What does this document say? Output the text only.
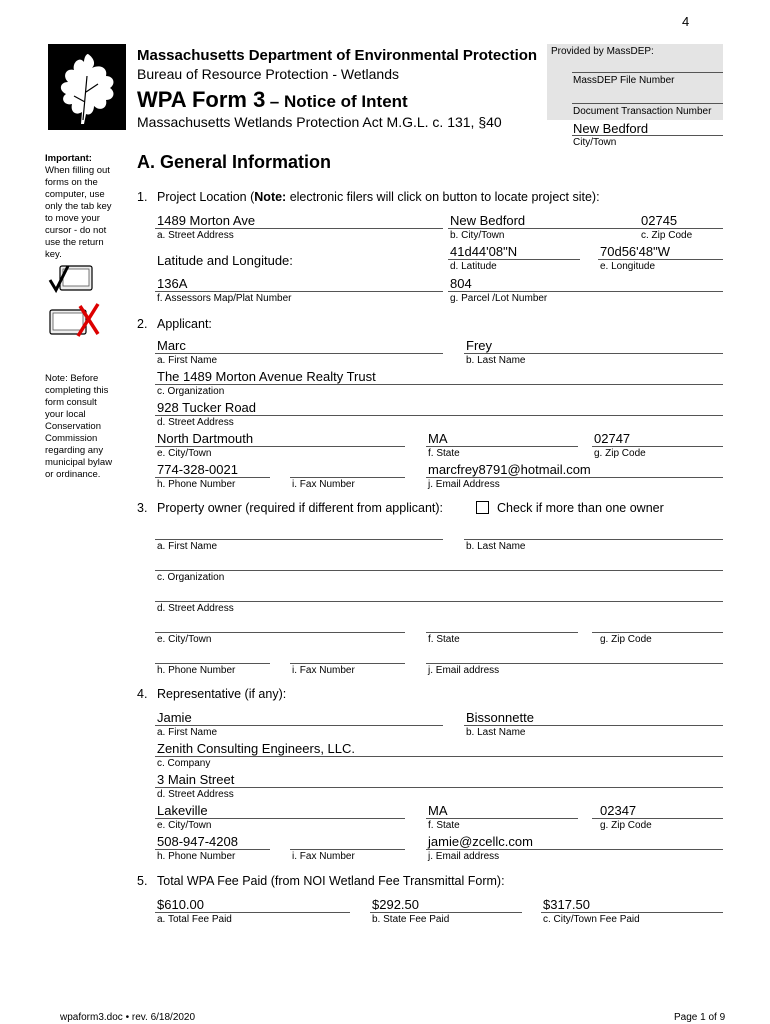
4
Massachusetts Department of Environmental Protection
Bureau of Resource Protection - Wetlands
WPA Form 3 – Notice of Intent
Massachusetts Wetlands Protection Act M.G.L. c. 131, §40
Provided by MassDEP:
MassDEP File Number
Document Transaction Number
New Bedford
City/Town
Important:
When filling out forms on the computer, use only the tab key to move your cursor - do not use the return key.
Note: Before completing this form consult your local Conservation Commission regarding any municipal bylaw or ordinance.
A. General Information
1. Project Location (Note: electronic filers will click on button to locate project site):
1489 Morton Ave
a. Street Address
New Bedford
b. City/Town
02745
c. Zip Code
Latitude and Longitude:
41d44'08"N
d. Latitude
70d56'48"W
e. Longitude
136A
f. Assessors Map/Plat Number
804
g. Parcel /Lot Number
2. Applicant:
Marc
a. First Name
Frey
b. Last Name
The 1489 Morton Avenue Realty Trust
c. Organization
928 Tucker Road
d. Street Address
North Dartmouth
e. City/Town
MA
f. State
02747
g. Zip Code
774-328-0021
h. Phone Number	i. Fax Number
marcfrey8791@hotmail.com
j. Email Address
3. Property owner (required if different from applicant):	Check if more than one owner
a. First Name	b. Last Name
c. Organization
d. Street Address
e. City/Town	f. State	g. Zip Code
h. Phone Number	i. Fax Number	j. Email address
4. Representative (if any):
Jamie
a. First Name
Bissonnette
b. Last Name
Zenith Consulting Engineers, LLC.
c. Company
3 Main Street
d. Street Address
Lakeville
e. City/Town
MA
f. State
02347
g. Zip Code
508-947-4208
h. Phone Number	i. Fax Number
jamie@zcellc.com
j. Email address
5. Total WPA Fee Paid (from NOI Wetland Fee Transmittal Form):
$610.00
a. Total Fee Paid
$292.50
b. State Fee Paid
$317.50
c. City/Town Fee Paid
wpaform3.doc • rev. 6/18/2020	Page 1 of 9
